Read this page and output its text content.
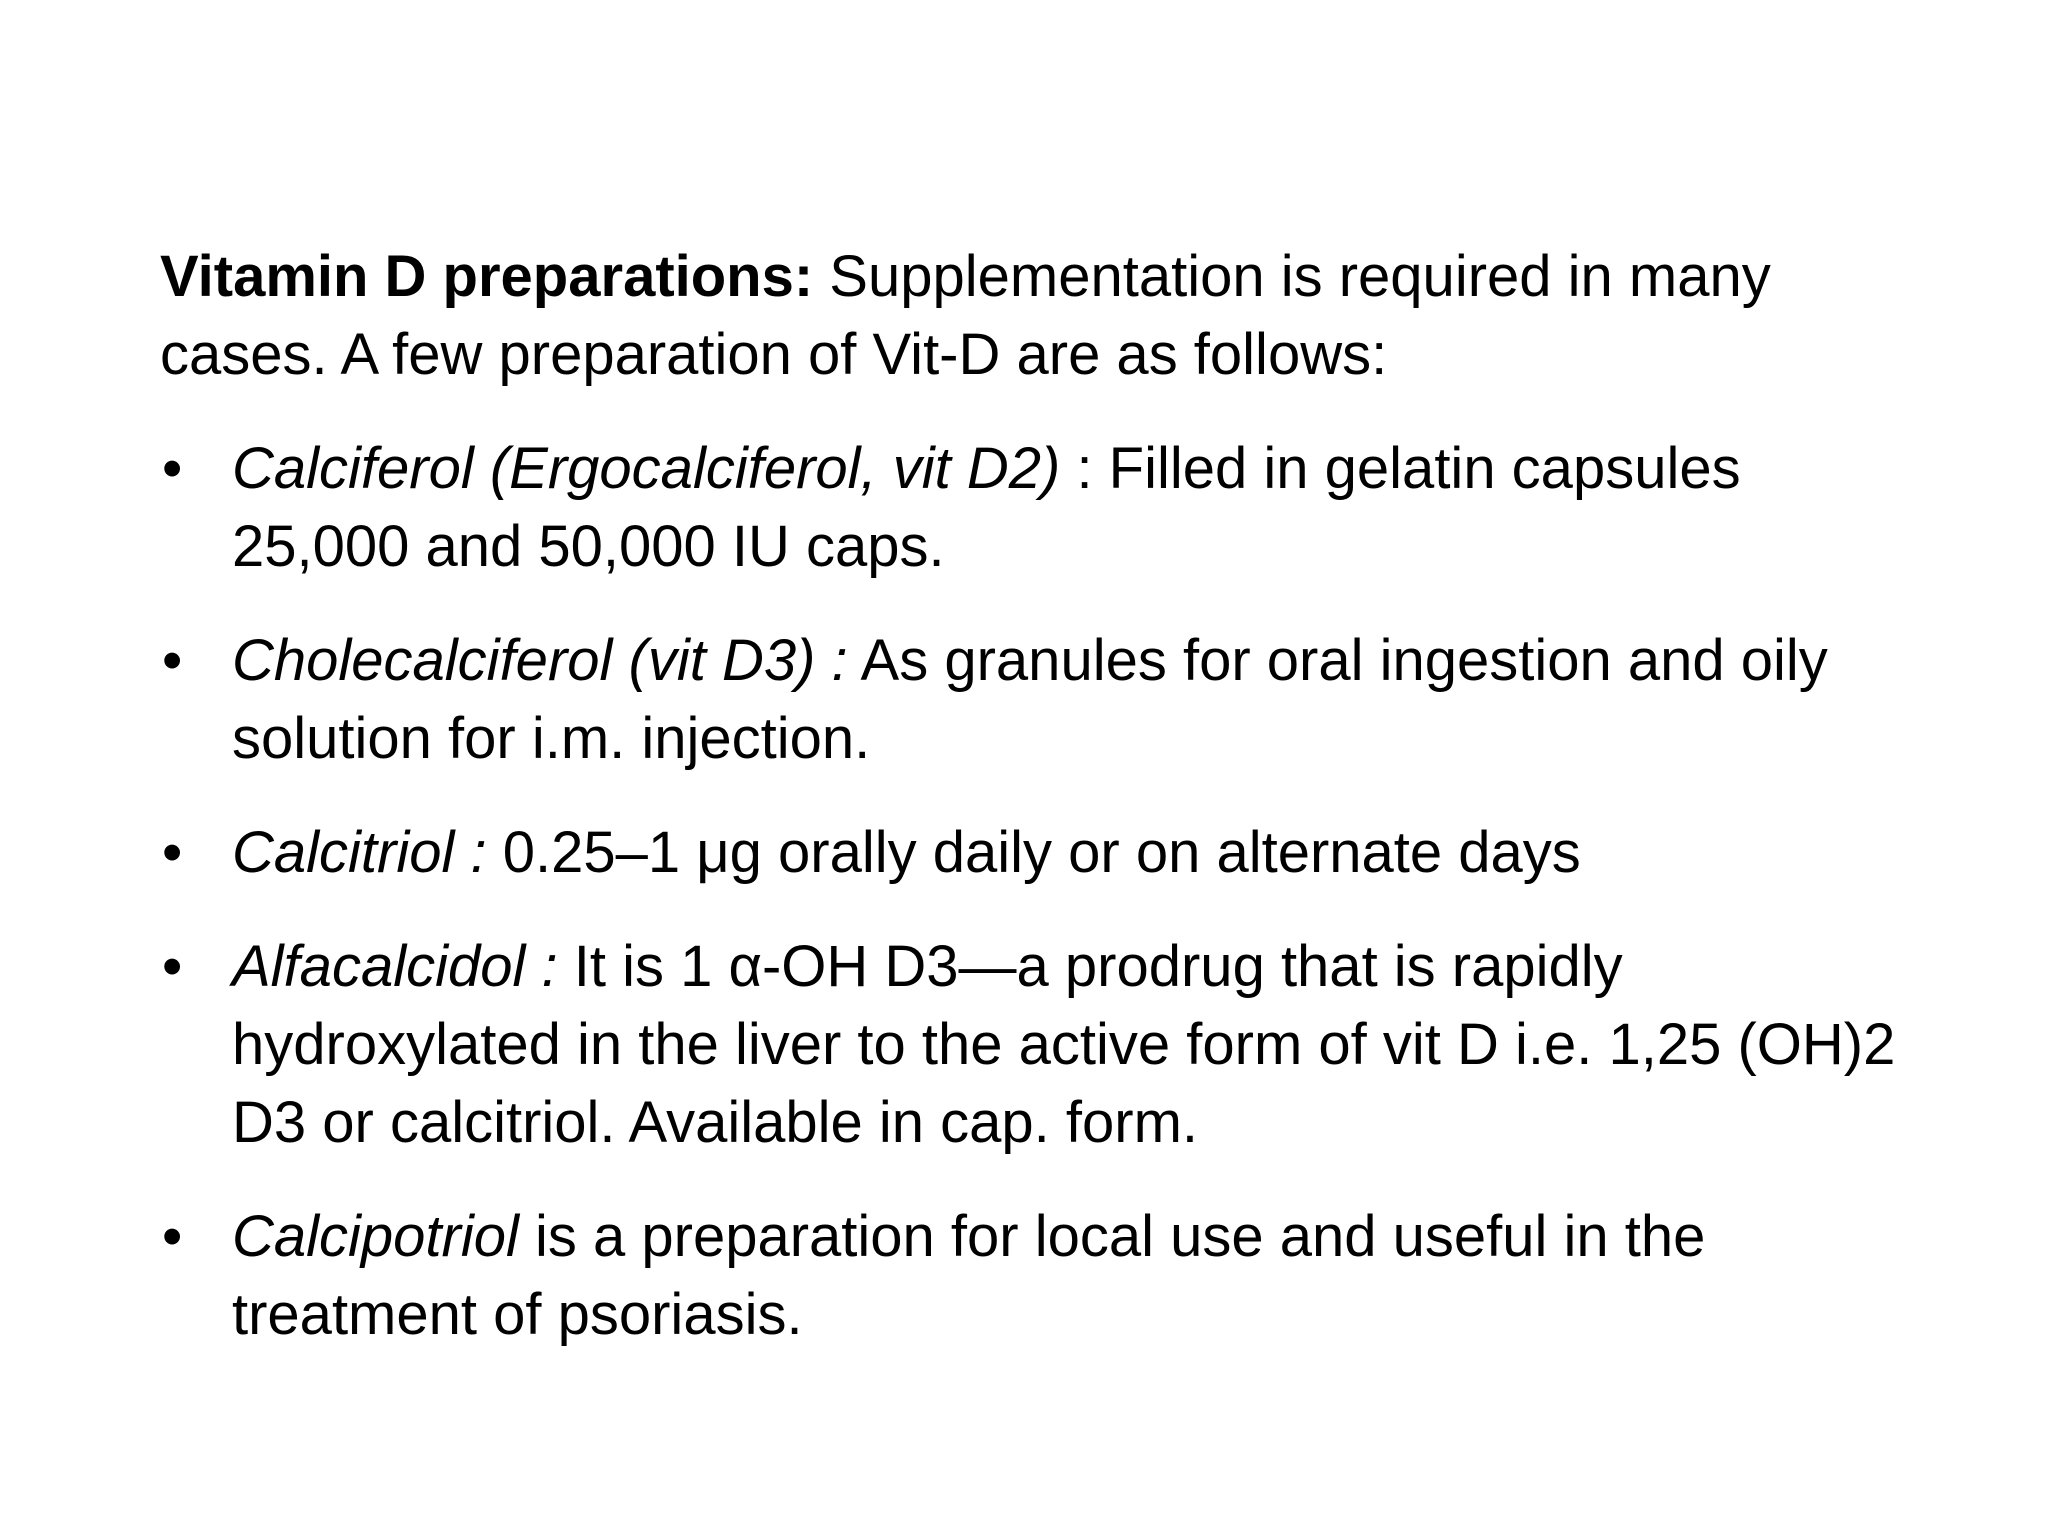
Vitamin D preparations: Supplementation is required in many cases. A few preparation of Vit-D are as follows:

• Calciferol (Ergocalciferol, vit D2) : Filled in gelatin capsules 25,000 and 50,000 IU caps.
• Cholecalciferol (vit D3) : As granules for oral ingestion and oily solution for i.m. injection.
• Calcitriol : 0.25–1 μg orally daily or on alternate days
• Alfacalcidol : It is 1 α-OH D3—a prodrug that is rapidly hydroxylated in the liver to the active form of vit D i.e. 1,25 (OH)2 D3 or calcitriol. Available in cap. form.
• Calcipotriol is a preparation for local use and useful in the treatment of psoriasis.
